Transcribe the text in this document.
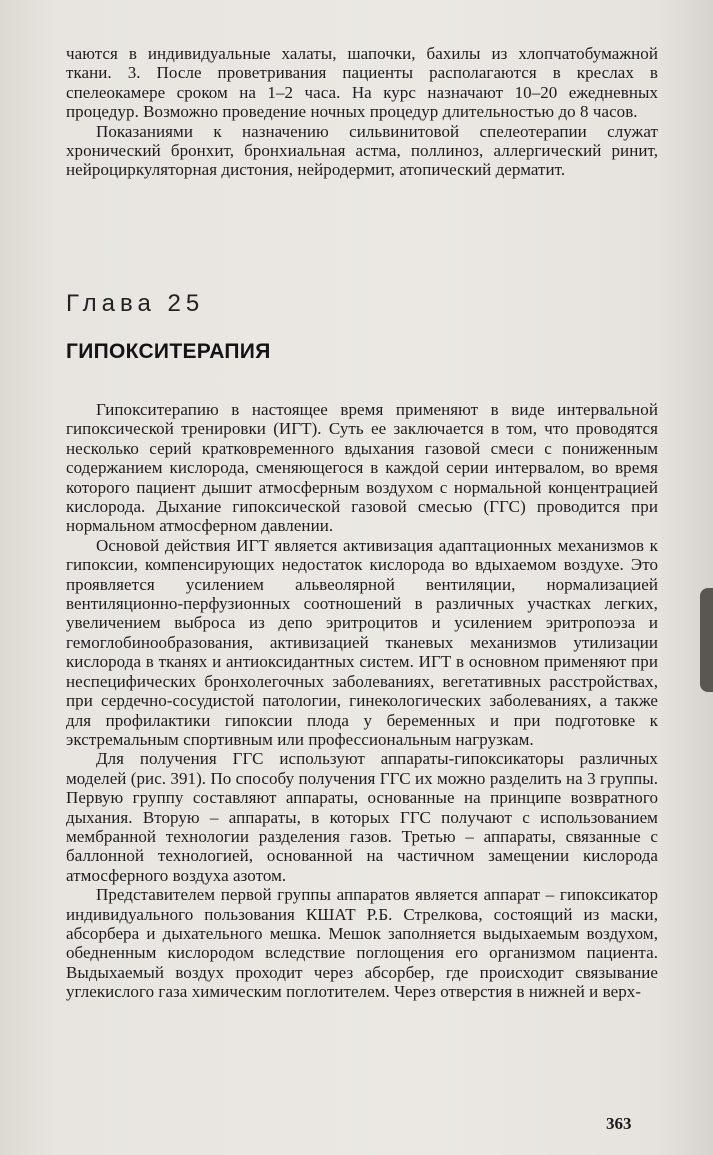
чаются в индивидуальные халаты, шапочки, бахилы из хлопчатобумажной ткани. 3. После проветривания пациенты располагаются в креслах в спелеокамере сроком на 1–2 часа. На курс назначают 10–20 ежедневных процедур. Возможно проведение ночных процедур длительностью до 8 часов.

Показаниями к назначению сильвинитовой спелеотерапии служат хронический бронхит, бронхиальная астма, поллиноз, аллергический ринит, нейроциркуляторная дистония, нейродермит, атопический дерматит.

Глава 25
ГИПОКСИТЕРАПИЯ

Гипокситерапию в настоящее время применяют в виде интервальной гипоксической тренировки (ИГТ). Суть ее заключается в том, что проводятся несколько серий кратковременного вдыхания газовой смеси с пониженным содержанием кислорода, сменяющегося в каждой серии интервалом, во время которого пациент дышит атмосферным воздухом с нормальной концентрацией кислорода. Дыхание гипоксической газовой смесью (ГГС) проводится при нормальном атмосферном давлении.

Основой действия ИГТ является активизация адаптационных механизмов к гипоксии, компенсирующих недостаток кислорода во вдыхаемом воздухе. Это проявляется усилением альвеолярной вентиляции, нормализацией вентиляционно-перфузионных соотношений в различных участках легких, увеличением выброса из депо эритроцитов и усилением эритропоэза и гемоглобинообразования, активизацией тканевых механизмов утилизации кислорода в тканях и антиоксидантных систем. ИГТ в основном применяют при неспецифических бронхолегочных заболеваниях, вегетативных расстройствах, при сердечно-сосудистой патологии, гинекологических заболеваниях, а также для профилактики гипоксии плода у беременных и при подготовке к экстремальным спортивным или профессиональным нагрузкам.

Для получения ГГС используют аппараты-гипоксикаторы различных моделей (рис. 391). По способу получения ГГС их можно разделить на 3 группы. Первую группу составляют аппараты, основанные на принципе возвратного дыхания. Вторую – аппараты, в которых ГГС получают с использованием мембранной технологии разделения газов. Третью – аппараты, связанные с баллонной технологией, основанной на частичном замещении кислорода атмосферного воздуха азотом.

Представителем первой группы аппаратов является аппарат – гипоксикатор индивидуального пользования КШАТ Р.Б. Стрелкова, состоящий из маски, абсорбера и дыхательного мешка. Мешок заполняется выдыхаемым воздухом, обедненным кислородом вследствие поглощения его организмом пациента. Выдыхаемый воздух проходит через абсорбер, где происходит связывание углекислого газа химическим поглотителем. Через отверстия в нижней и верх-

363
